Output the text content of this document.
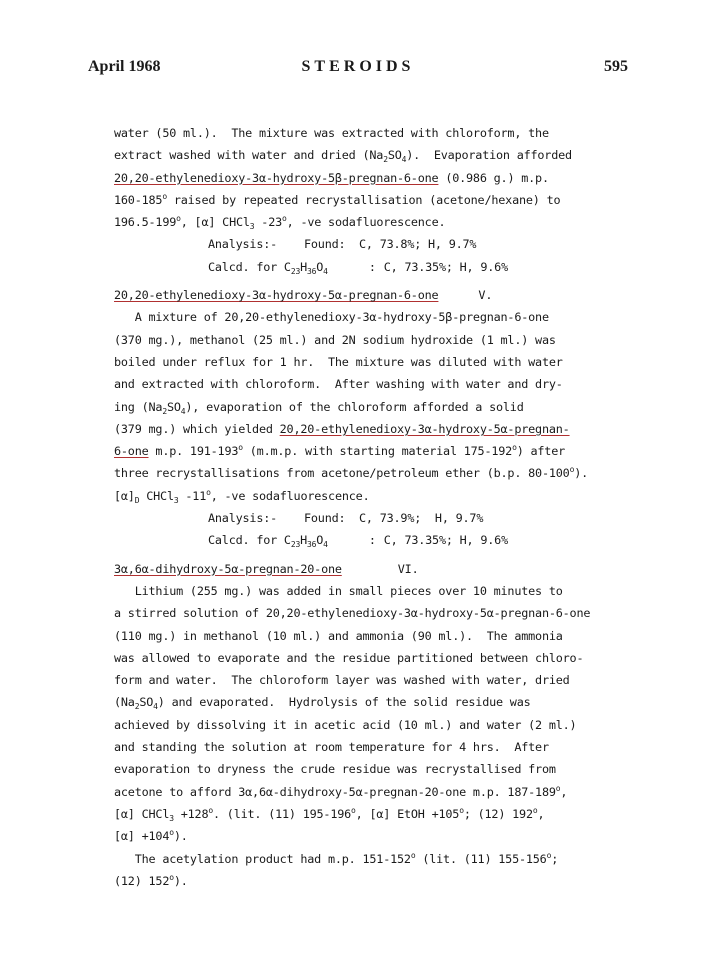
April 1968	STEROIDS	595
water (50 ml.).  The mixture was extracted with chloroform, the
extract washed with water and dried $(Na_2SO_4)$.  Evaporation afforded
20,20-ethylenedioxy-3α-hydroxy-5β-pregnan-6-one (0.986 g.) m.p.
160-185$^o$ raised by repeated recrystallisation (acetone/hexane) to
196.5-199$^o$, [α] CHCl$_3$ -23$^o$, -ve sodafluorescence.
Analysis:- Found: C, 73.8%; H, 9.7%
Calcd. for $C_{23}H_{36}O_4$	: C, 73.35%; H, 9.6%
20,20-ethylenedioxy-3α-hydroxy-5α-pregnan-6-one	V.
A mixture of 20,20-ethylenedioxy-3α-hydroxy-5β-pregnan-6-one
(370 mg.), methanol (25 ml.) and 2N sodium hydroxide (1 ml.) was
boiled under reflux for 1 hr.  The mixture was diluted with water
and extracted with chloroform.  After washing with water and dry-
ing $(Na_2SO_4)$, evaporation of the chloroform afforded a solid
(379 mg.) which yielded 20,20-ethylenedioxy-3α-hydroxy-5α-pregnan-
6-one m.p. 191-193$^o$ (m.m.p. with starting material 175-192$^o$) after
three recrystallisations from acetone/petroleum ether (b.p. 80-100$^o$).
$[\alpha]_D$ CHCl$_3$ -11$^o$, -ve sodafluorescence.
Analysis:- Found: C, 73.9%;  H, 9.7%
Calcd. for $C_{23}H_{36}O_4$	: C, 73.35%; H, 9.6%
3α,6α-dihydroxy-5α-pregnan-20-one	VI.
Lithium (255 mg.) was added in small pieces over 10 minutes to
a stirred solution of 20,20-ethylenedioxy-3α-hydroxy-5α-pregnan-6-one
(110 mg.) in methanol (10 ml.) and ammonia (90 ml.).  The ammonia
was allowed to evaporate and the residue partitioned between chloro-
form and water.  The chloroform layer was washed with water, dried
$(Na_2SO_4)$ and evaporated.  Hydrolysis of the solid residue was
achieved by dissolving it in acetic acid (10 ml.) and water (2 ml.)
and standing the solution at room temperature for 4 hrs.  After
evaporation to dryness the crude residue was recrystallised from
acetone to afford 3α,6α-dihydroxy-5α-pregnan-20-one m.p. 187-189$^o$,
[α] CHCl$_3$ $+128^o$. (lit. (11) 195-196$^o$, [α] EtOH $+105^o$; (12) 192$^o$,
$[\alpha] +104^o$).
The acetylation product had m.p. 151-152$^o$ (lit. (11) 155-156$^o$;
(12) 152$^o$).
